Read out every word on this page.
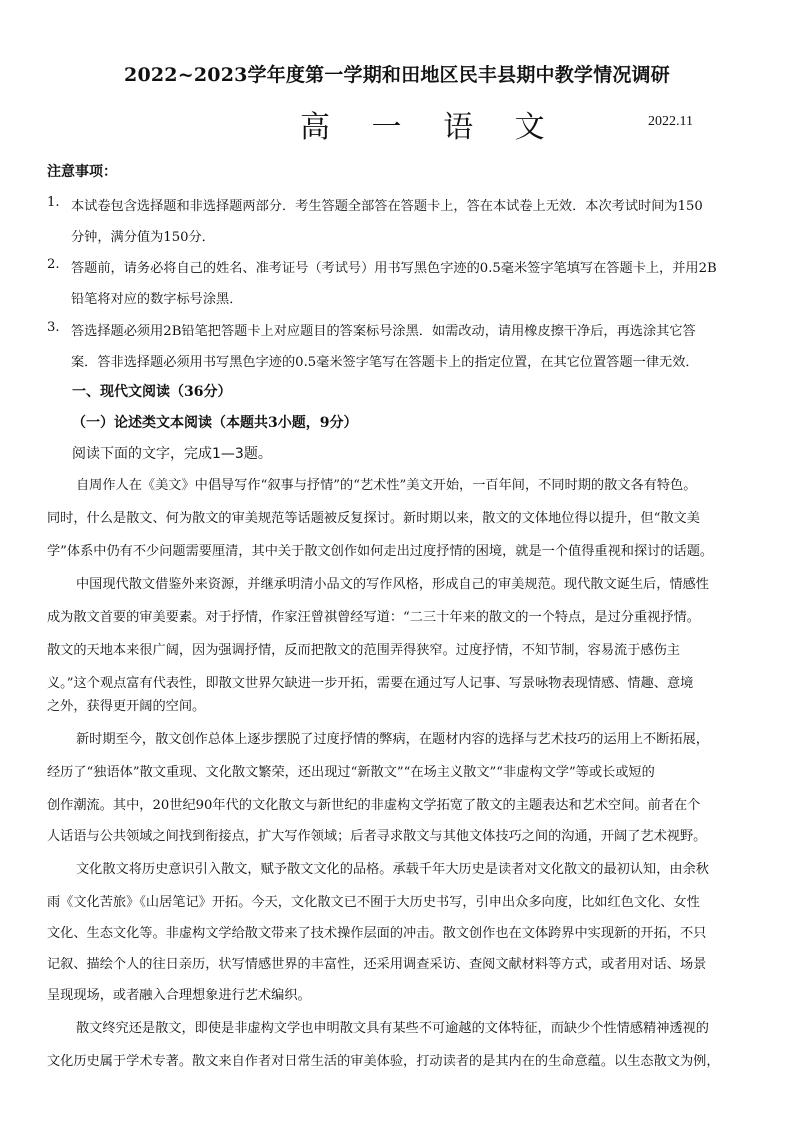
2022~2023学年度第一学期和田地区民丰县期中教学情况调研
高 一 语 文	2022.11
注意事项：
1. 本试卷包含选择题和非选择题两部分．考生答题全部答在答题卡上，答在本试卷上无效．本次考试时间为150
分钟，满分值为150分．
2. 答题前，请务必将自己的姓名、准考证号（考试号）用书写黑色字迹的0.5毫米签字笔填写在答题卡上，并用2B
铅笔将对应的数字标号涂黑．
3. 答选择题必须用2B铅笔把答题卡上对应题目的答案标号涂黑．如需改动，请用橡皮擦干净后，再选涂其它答
案．答非选择题必须用书写黑色字迹的0.5毫米签字笔写在答题卡上的指定位置，在其它位置答题一律无效．
一、现代文阅读（36分）
（一）论述类文本阅读（本题共3小题，9分）
阅读下面的文字，完成1—3题。
自周作人在《美文》中倡导写作“叙事与抒情”的“艺术性”美文开始，一百年间，不同时期的散文各有特色。
同时，什么是散文、何为散文的审美规范等话题被反复探讨。新时期以来，散文的文体地位得以提升，但“散文美
学”体系中仍有不少问题需要厘清，其中关于散文创作如何走出过度抒情的困境，就是一个值得重视和探讨的话题。
中国现代散文借鉴外来资源，并继承明清小品文的写作风格，形成自己的审美规范。现代散文诞生后，情感性
成为散文首要的审美要素。对于抒情，作家汪曾祺曾经写道：“二三十年来的散文的一个特点，是过分重视抒情。
散文的天地本来很广阔，因为强调抒情，反而把散文的范围弄得狭窄。过度抒情，不知节制，容易流于感伤主
义。”这个观点富有代表性，即散文世界欠缺进一步开拓，需要在通过写人记事、写景咏物表现情感、情趣、意境
之外，获得更开阔的空间。
新时期至今，散文创作总体上逐步摆脱了过度抒情的弊病，在题材内容的选择与艺术技巧的运用上不断拓展，
经历了“独语体”散文重现、文化散文繁荣，还出现过“新散文”“在场主义散文”“非虚构文学”等或长或短的
创作潮流。其中，20世纪90年代的文化散文与新世纪的非虚构文学拓宽了散文的主题表达和艺术空间。前者在个
人话语与公共领域之间找到衔接点，扩大写作领域；后者寻求散文与其他文体技巧之间的沟通，开阔了艺术视野。
文化散文将历史意识引入散文，赋予散文文化的品格。承载千年大历史是读者对文化散文的最初认知，由余秋
雨《文化苦旅》《山居笔记》开拓。今天，文化散文已不囿于大历史书写，引申出众多向度，比如红色文化、女性
文化、生态文化等。非虚构文学给散文带来了技术操作层面的冲击。散文创作也在文体跨界中实现新的开拓，不只
记叙、描绘个人的往日亲历，状写情感世界的丰富性，还采用调查采访、查阅文献材料等方式，或者用对话、场景
呈现现场，或者融入合理想象进行艺术编织。
散文终究还是散文，即使是非虚构文学也申明散文具有某些不可逾越的文体特征，而缺少个性情感精神透视的
文化历史属于学术专著。散文来自作者对日常生活的审美体验，打动读者的是其内在的生命意蕴。以生态散文为例，
